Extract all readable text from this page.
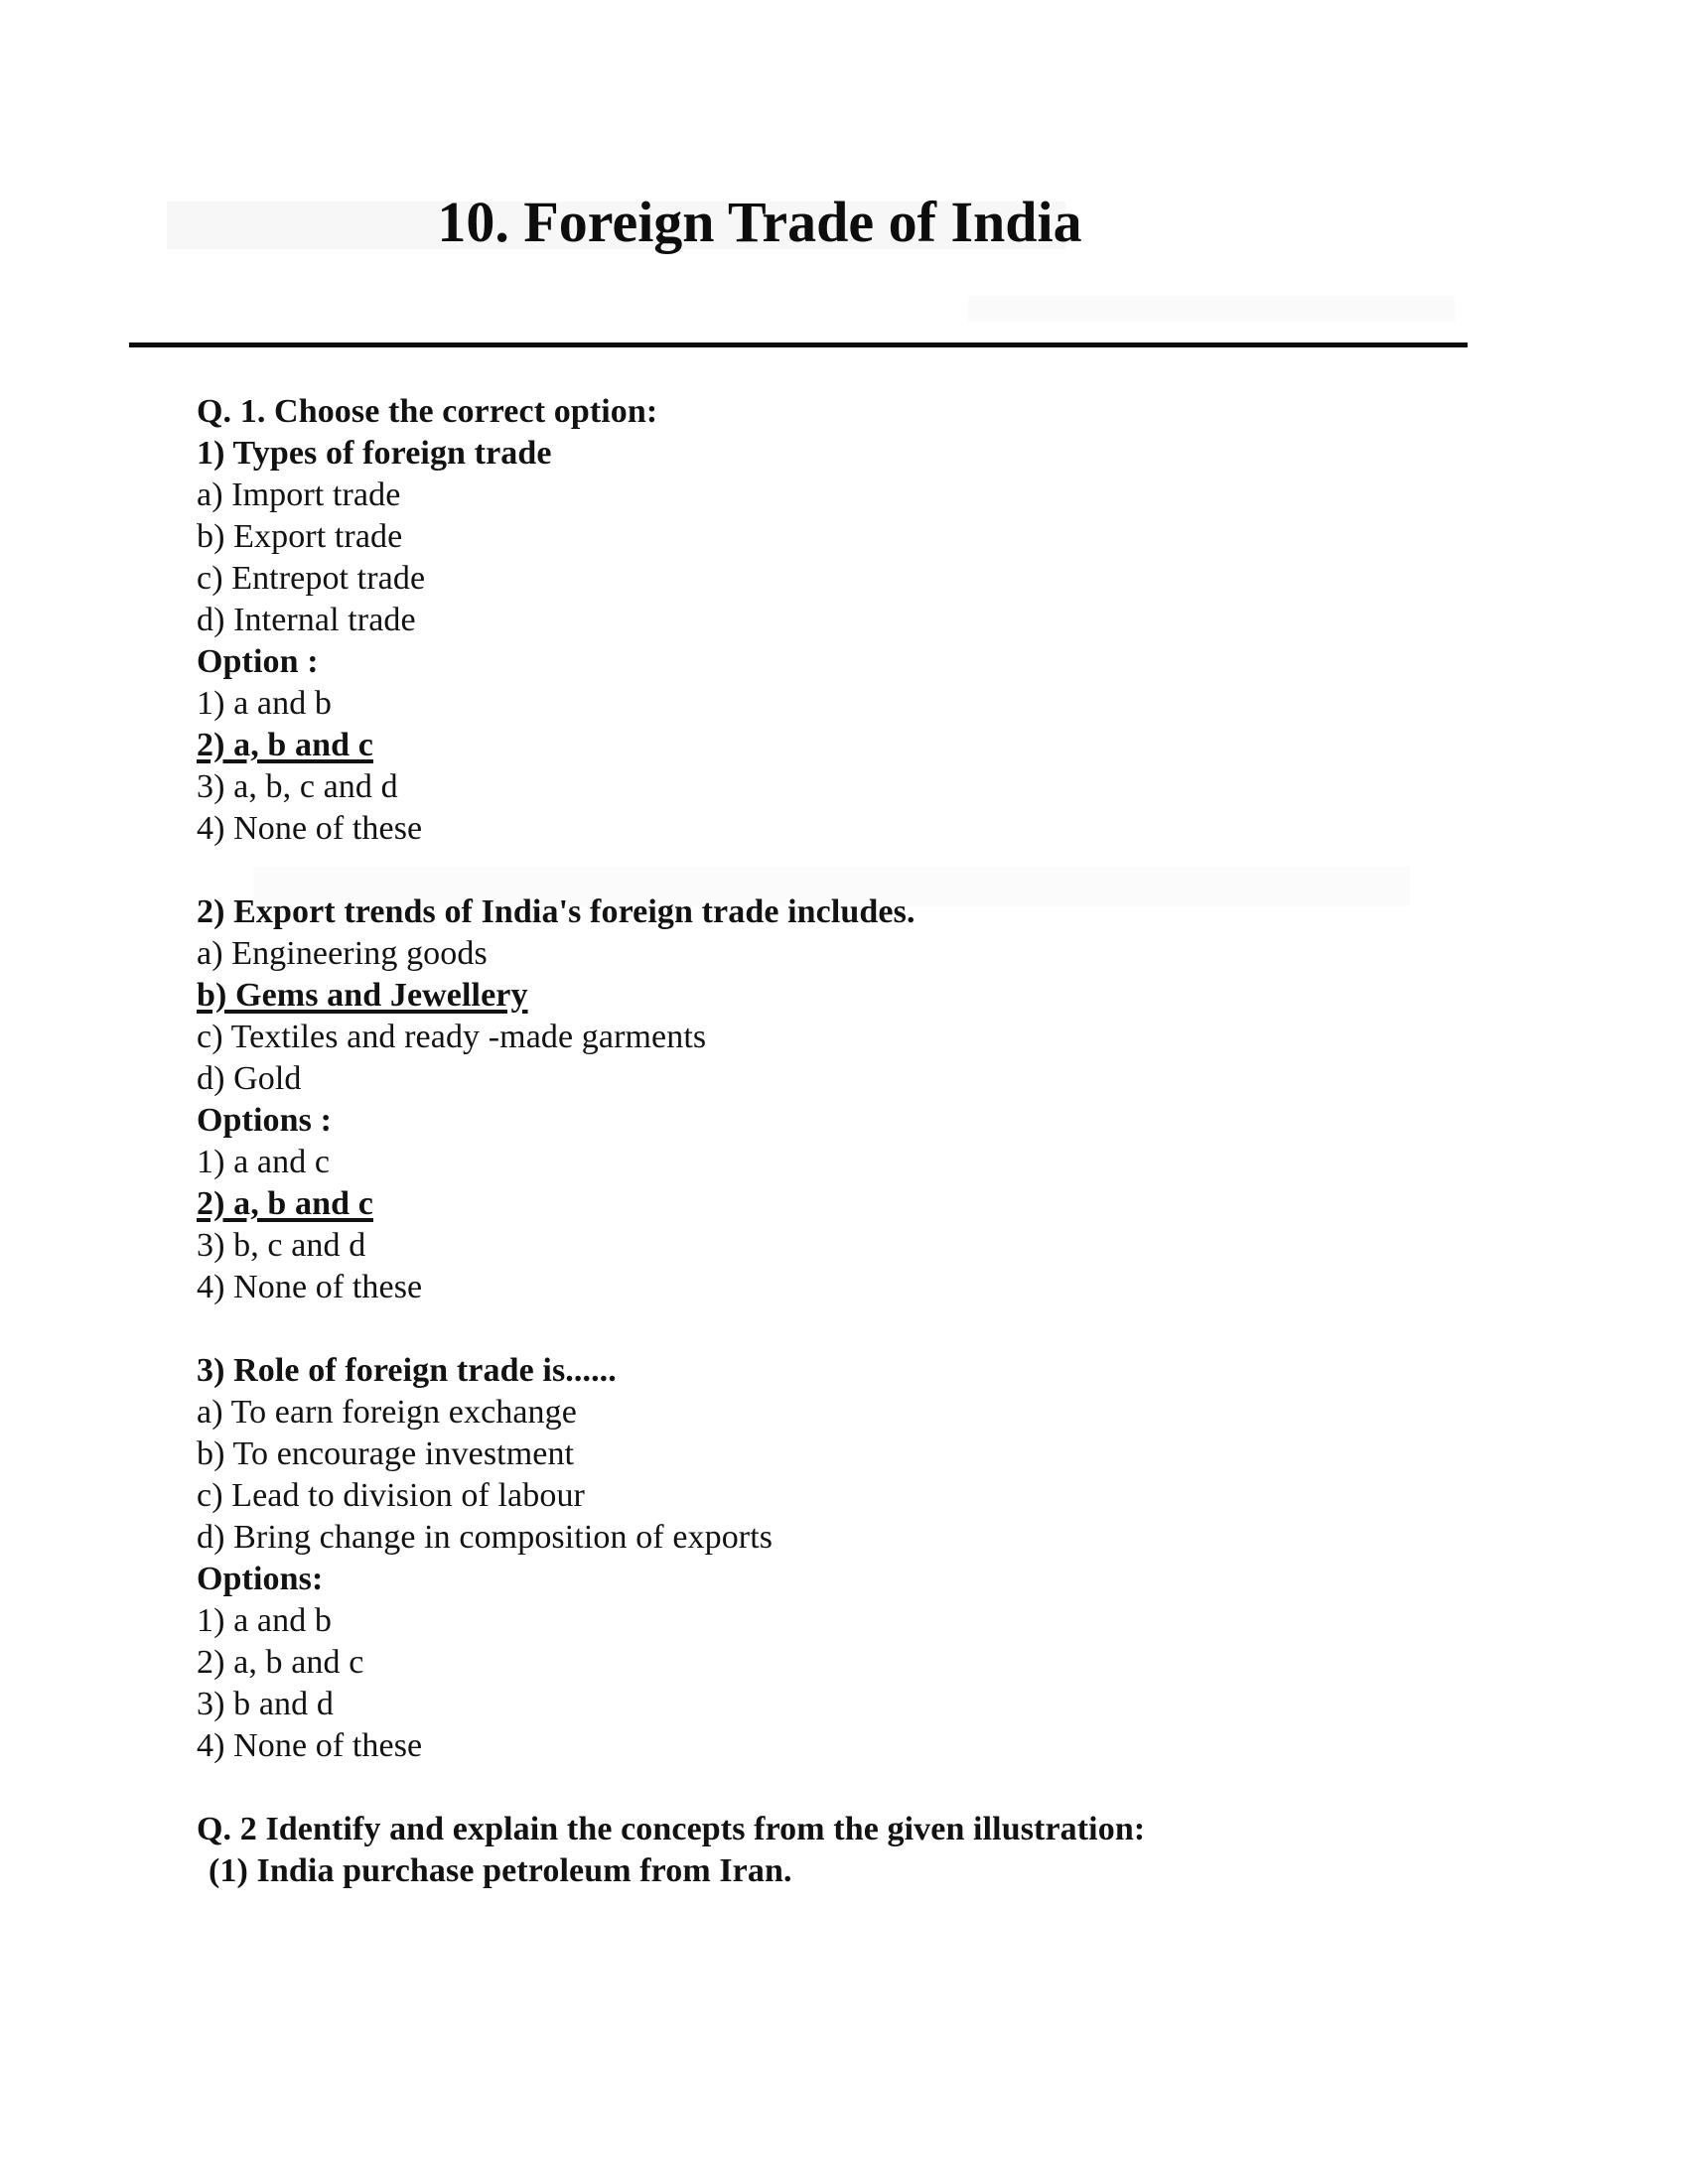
10. Foreign Trade of India
Q. 1. Choose the correct option:
1) Types of foreign trade
a) Import trade
b) Export trade
c) Entrepot trade
d) Internal trade
Option :
1) a and b
2) a, b and c
3) a, b, c and d
4) None of these
2) Export trends of India's foreign trade includes.
a) Engineering goods
b) Gems and Jewellery
c) Textiles and ready -made garments
d) Gold
Options :
1) a and c
2) a, b and c
3) b, c and d
4) None of these
3) Role of foreign trade is......
a) To earn foreign exchange
b) To encourage investment
c) Lead to division of labour
d) Bring change in composition of exports
Options:
1) a and b
2) a, b and c
3) b and d
4) None of these
Q. 2 Identify and explain the concepts from the given illustration:
(1) India purchase petroleum from Iran.
